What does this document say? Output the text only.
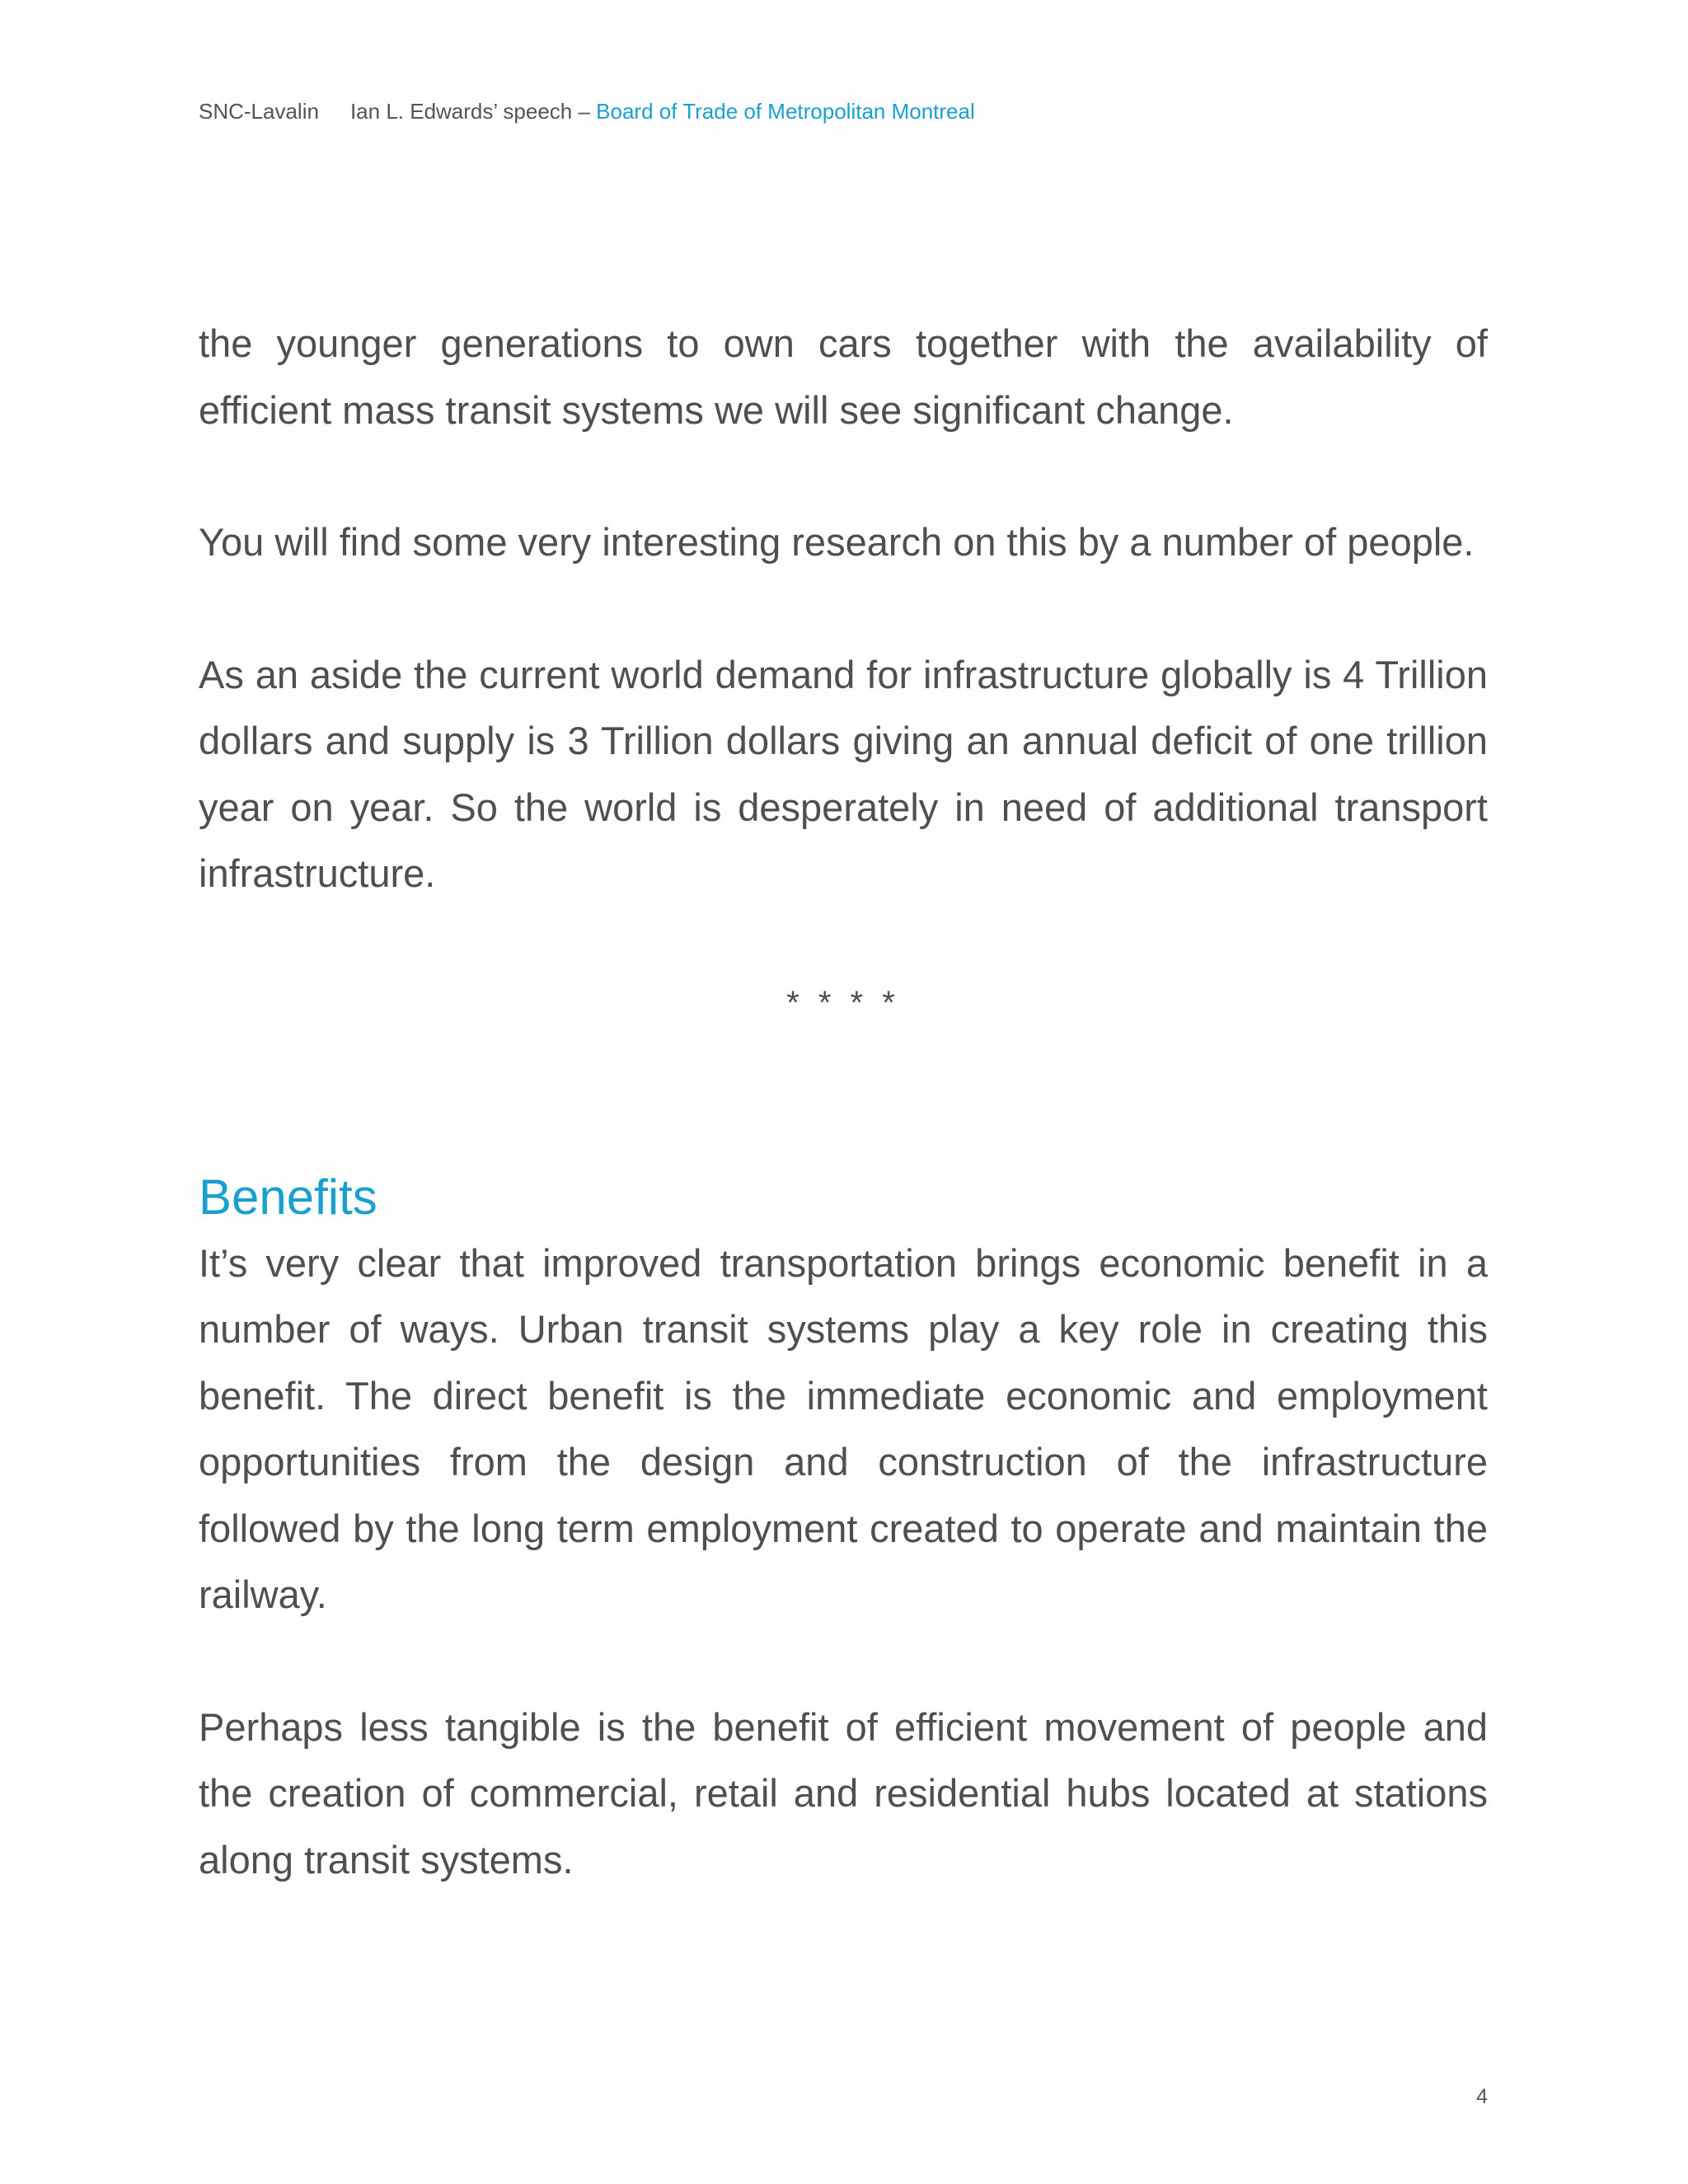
SNC-Lavalin Ian L. Edwards’ speech – Board of Trade of Metropolitan Montreal

the younger generations to own cars together with the availability of efficient mass transit systems we will see significant change.

You will find some very interesting research on this by a number of people.

As an aside the current world demand for infrastructure globally is 4 Trillion dollars and supply is 3 Trillion dollars giving an annual deficit of one trillion year on year. So the world is desperately in need of additional transport infrastructure.

* * * *

Benefits

It’s very clear that improved transportation brings economic benefit in a number of ways. Urban transit systems play a key role in creating this benefit. The direct benefit is the immediate economic and employment opportunities from the design and construction of the infrastructure followed by the long term employment created to operate and maintain the railway.

Perhaps less tangible is the benefit of efficient movement of people and the creation of commercial, retail and residential hubs located at stations along transit systems.

4
